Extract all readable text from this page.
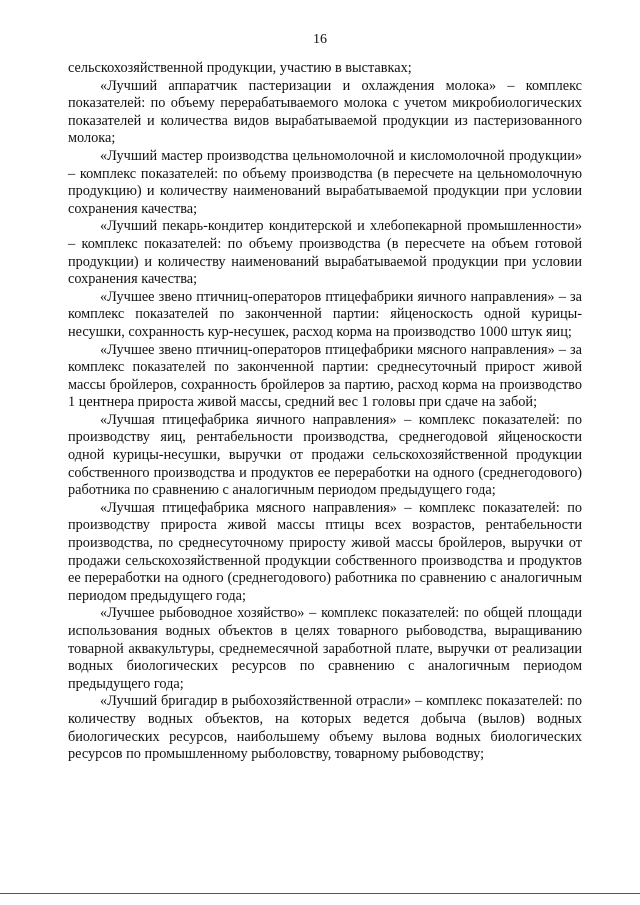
16

сельскохозяйственной продукции, участию в выставках;

«Лучший аппаратчик пастеризации и охлаждения молока» – комплекс показателей: по объему перерабатываемого молока с учетом микробиологических показателей и количества видов вырабатываемой продукции из пастеризованного молока;

«Лучший мастер производства цельномолочной и кисломолочной продукции» – комплекс показателей: по объему производства (в пересчете на цельномолочную продукцию) и количеству наименований вырабатываемой продукции при условии сохранения качества;

«Лучший пекарь-кондитер кондитерской и хлебопекарной промышленности» – комплекс показателей: по объему производства (в пересчете на объем готовой продукции) и количеству наименований вырабатываемой продукции при условии сохранения качества;

«Лучшее звено птичниц-операторов птицефабрики яичного направления» – за комплекс показателей по законченной партии: яйценоскость одной курицы-несушки, сохранность кур-несушек, расход корма на производство 1000 штук яиц;

«Лучшее звено птичниц-операторов птицефабрики мясного направления» – за комплекс показателей по законченной партии: среднесуточный прирост живой массы бройлеров, сохранность бройлеров за партию, расход корма на производство 1 центнера прироста живой массы, средний вес 1 головы при сдаче на забой;

«Лучшая птицефабрика яичного направления» – комплекс показателей: по производству яиц, рентабельности производства, среднегодовой яйценоскости одной курицы-несушки, выручки от продажи сельскохозяйственной продукции собственного производства и продуктов ее переработки на одного (среднегодового) работника по сравнению с аналогичным периодом предыдущего года;

«Лучшая птицефабрика мясного направления» – комплекс показателей: по производству прироста живой массы птицы всех возрастов, рентабельности производства, по среднесуточному приросту живой массы бройлеров, выручки от продажи сельскохозяйственной продукции собственного производства и продуктов ее переработки на одного (среднегодового) работника по сравнению с аналогичным периодом предыдущего года;

«Лучшее рыбоводное хозяйство» – комплекс показателей: по общей площади использования водных объектов в целях товарного рыбоводства, выращиванию товарной аквакультуры, среднемесячной заработной плате, выручки от реализации водных биологических ресурсов по сравнению с аналогичным периодом предыдущего года;

«Лучший бригадир в рыбохозяйственной отрасли» – комплекс показателей: по количеству водных объектов, на которых ведется добыча (вылов) водных биологических ресурсов, наибольшему объему вылова водных биологических ресурсов по промышленному рыболовству, товарному рыбоводству;
